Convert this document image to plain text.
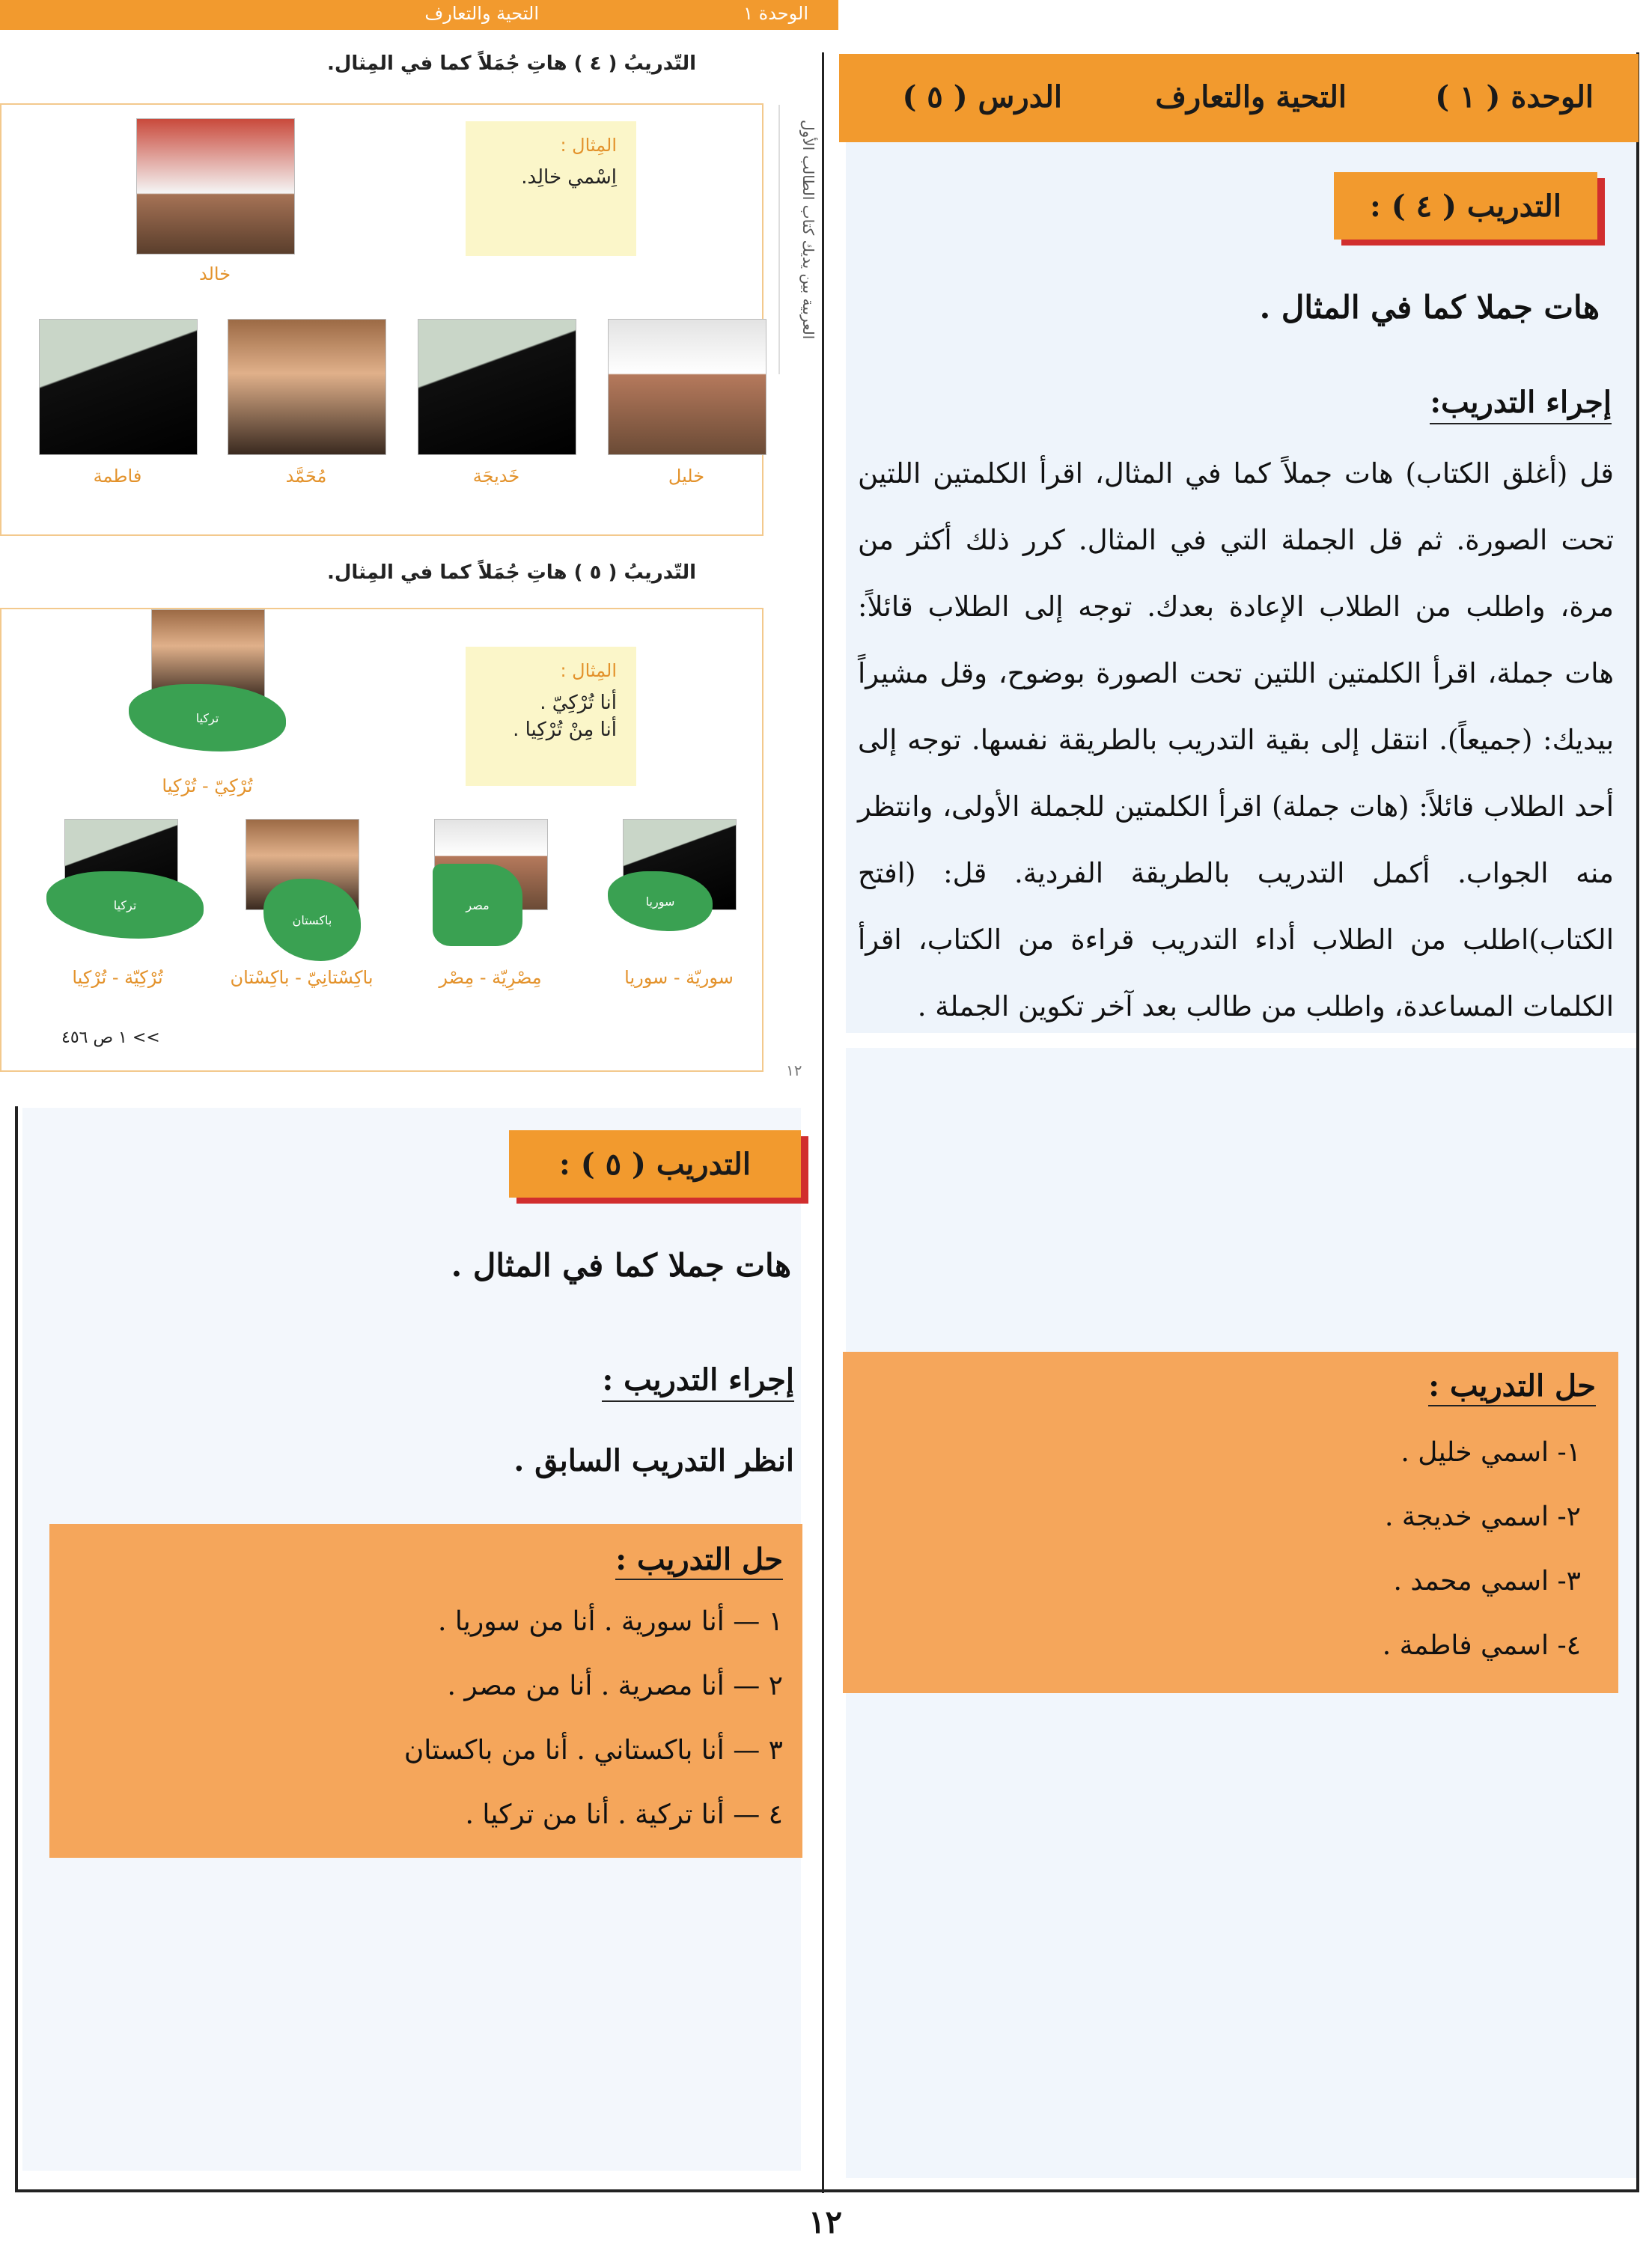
الوحدة ١
التحية والتعارف
العربية بين يديك كتاب الطالب الأول
التّدريبُ ( ٤ ) هاتِ جُمَلاً كما في المِثال.
المِثال :
اِسْمي خالِد.
خالد
خليل
خَديجَة
مُحَمَّد
فاطمة
التّدريبُ ( ٥ ) هاتِ جُمَلاً كما في المِثال.
المِثال :
أنا تُرْكِيّ .
أنا مِنْ تُرْكِيا .
تركيا
تُرْكِيّ - تُرْكِيا
سوريا
مصر
باكستان
تركيا
سوريّة - سوريا
مِصْرِيّة - مِصْر
باكِسْتانِيّ - باكِسْتان
تُرْكِيّة - تُرْكِيا
>> ١ ص ٤٥٦
١٢
الوحدة ( ١ )
التحية والتعارف
الدرس ( ٥ )
التدريب ( ٤ ) :
هات جملا كما في المثال .
إجراء التدريب:
قل (أغلق الكتاب) هات جملاً كما في المثال، اقرأ الكلمتين اللتين تحت الصورة. ثم قل الجملة التي في المثال. كرر ذلك أكثر من مرة، واطلب من الطلاب الإعادة بعدك. توجه إلى الطلاب قائلاً: هات جملة، اقرأ الكلمتين اللتين تحت الصورة بوضوح، وقل مشيراً بيديك: (جميعاً). انتقل إلى بقية التدريب بالطريقة نفسها. توجه إلى أحد الطلاب قائلاً: (هات جملة) اقرأ الكلمتين للجملة الأولى، وانتظر منه الجواب. أكمل التدريب بالطريقة الفردية. قل: (افتح الكتاب)اطلب من الطلاب أداء التدريب قراءة من الكتاب، اقرأ الكلمات المساعدة، واطلب من طالب بعد آخر تكوين الجملة .
حل التدريب :
١- اسمي خليل .
٢- اسمي خديجة .
٣- اسمي محمد .
٤- اسمي فاطمة .
التدريب ( ٥ ) :
هات جملا كما في المثال .
إجراء التدريب :
انظر التدريب السابق .
حل التدريب :
١ — أنا سورية . أنا من سوريا .
٢ — أنا مصرية . أنا من مصر .
٣ — أنا باكستاني . أنا من باكستان
٤ — أنا تركية . أنا من تركيا .
١٢
